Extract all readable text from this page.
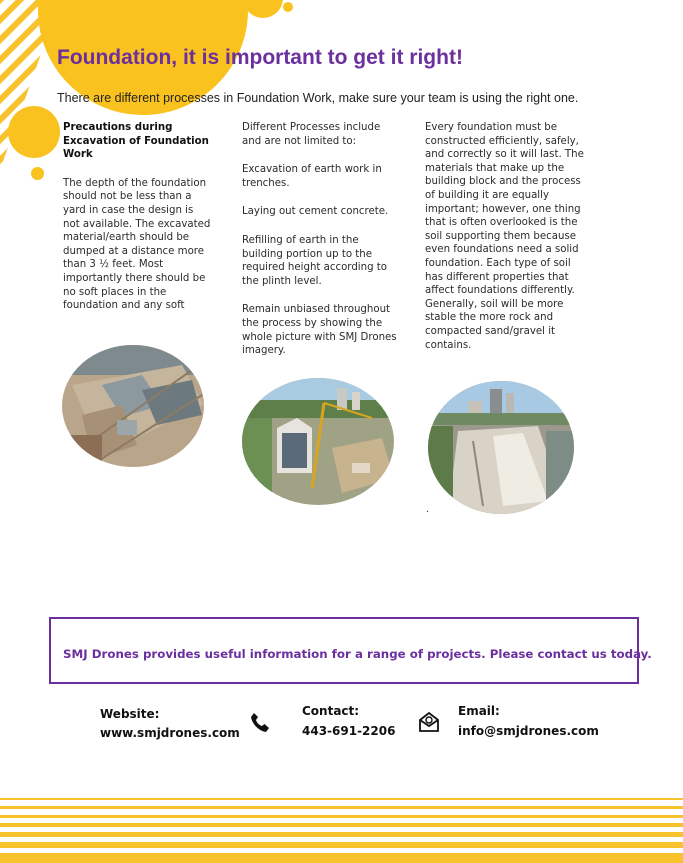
Foundation, it is important to get it right!

There are different processes in Foundation Work, make sure your team is using the right one.

Precautions during Excavation of Foundation Work

The depth of the foundation should not be less than a yard in case the design is not available. The excavated material/earth should be dumped at a distance more than 3 ½ feet. Most importantly there should be no soft places in the foundation and any soft

Different Processes include and are not limited to:

Excavation of earth work in trenches.

Laying out cement concrete.

Refilling of earth in the building portion up to the required height according to the plinth level.

Remain unbiased throughout the process by showing the whole picture with SMJ Drones imagery.

Every foundation must be constructed efficiently, safely, and correctly so it will last. The materials that make up the building block and the process of building it are equally important; however, one thing that is often overlooked is the soil supporting them because even foundations need a solid foundation. Each type of soil has different properties that affect foundations differently. Generally, soil will be more stable the more rock and compacted sand/gravel it contains.

.
SMJ Drones provides useful information for a range of projects. Please contact us today.
Website:
www.smjdrones.com
Contact:
443-691-2206
Email:
info@smjdrones.com
